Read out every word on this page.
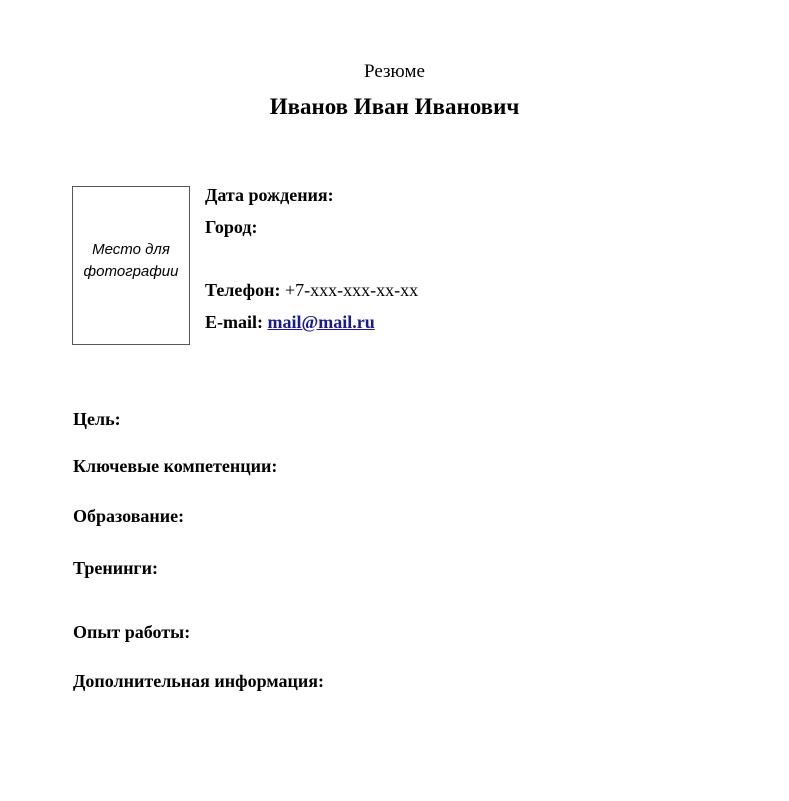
Резюме
Иванов Иван Иванович
Место для фотографии
Дата рождения:
Город:
Телефон: +7-xxx-xxx-xx-xx
E-mail: mail@mail.ru
Цель:
Ключевые компетенции:
Образование:
Тренинги:
Опыт работы:
Дополнительная информация:
